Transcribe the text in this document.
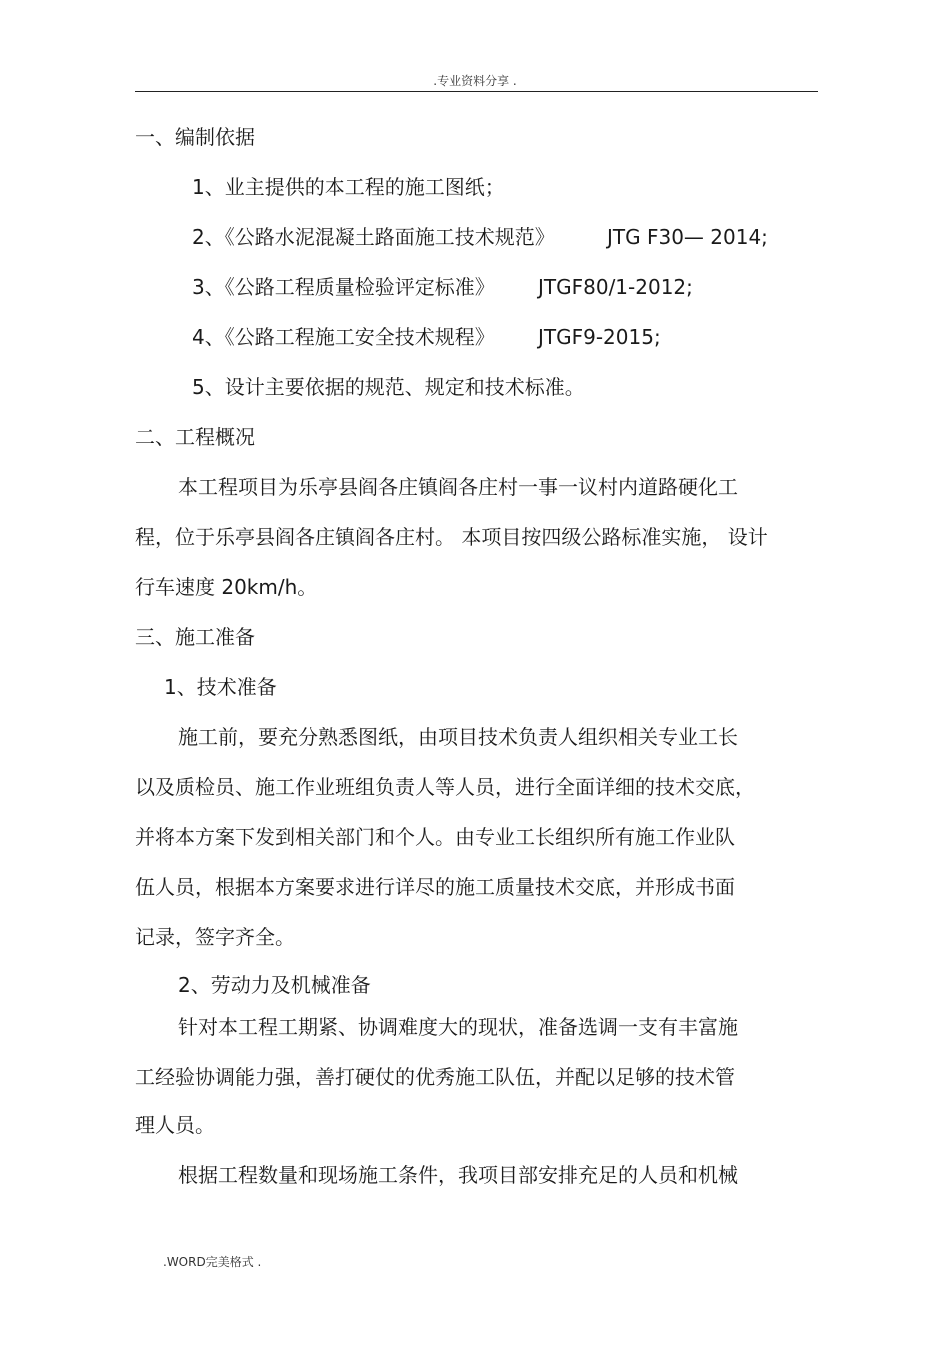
.专业资料分享 .
一、编制依据
1、业主提供的本工程的施工图纸；
2、《公路水泥混凝土路面施工技术规范》	JTG F30— 2014;
3、《公路工程质量检验评定标准》 JTGF80/1-2012;
4、《公路工程施工安全技术规程》 JTGF9-2015;
5、设计主要依据的规范、规定和技术标准。
二、工程概况
本工程项目为乐亭县阎各庄镇阎各庄村一事一议村内道路硬化工
程，位于乐亭县阎各庄镇阎各庄村。 本项目按四级公路标准实施， 设计
行车速度 20km/h。
三、施工准备
1、技术准备
施工前，要充分熟悉图纸，由项目技术负责人组织相关专业工长
以及质检员、施工作业班组负责人等人员，进行全面详细的技术交底，
并将本方案下发到相关部门和个人。由专业工长组织所有施工作业队
伍人员，根据本方案要求进行详尽的施工质量技术交底，并形成书面
记录，签字齐全。
2、劳动力及机械准备
针对本工程工期紧、协调难度大的现状，准备选调一支有丰富施
工经验协调能力强，善打硬仗的优秀施工队伍，并配以足够的技术管
理人员。
根据工程数量和现场施工条件，我项目部安排充足的人员和机械
.WORD完美格式 .
